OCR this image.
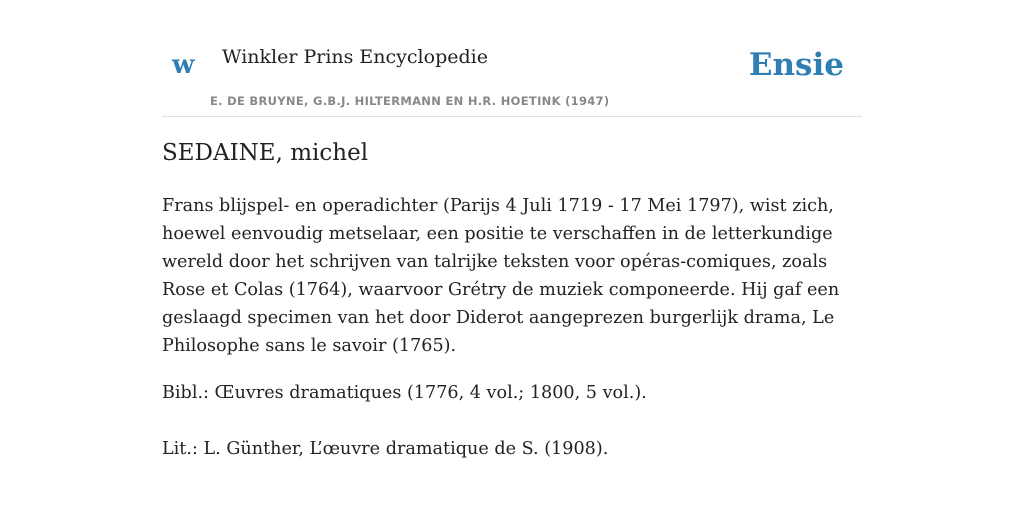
w Winkler Prins Encyclopedie
E. DE BRUYNE, G.B.J. HILTERMANN EN H.R. HOETINK (1947)
Ensie
SEDAINE, michel

Frans blijspel- en operadichter (Parijs 4 Juli 1719 - 17 Mei 1797), wist zich, hoewel eenvoudig metselaar, een positie te verschaffen in de letterkundige wereld door het schrijven van talrijke teksten voor opéras-comiques, zoals Rose et Colas (1764), waarvoor Grétry de muziek componeerde. Hij gaf een geslaagd specimen van het door Diderot aangeprezen burgerlijk drama, Le Philosophe sans le savoir (1765).

Bibl.: Œuvres dramatiques (1776, 4 vol.; 1800, 5 vol.).

Lit.: L. Günther, L’œuvre dramatique de S. (1908).
